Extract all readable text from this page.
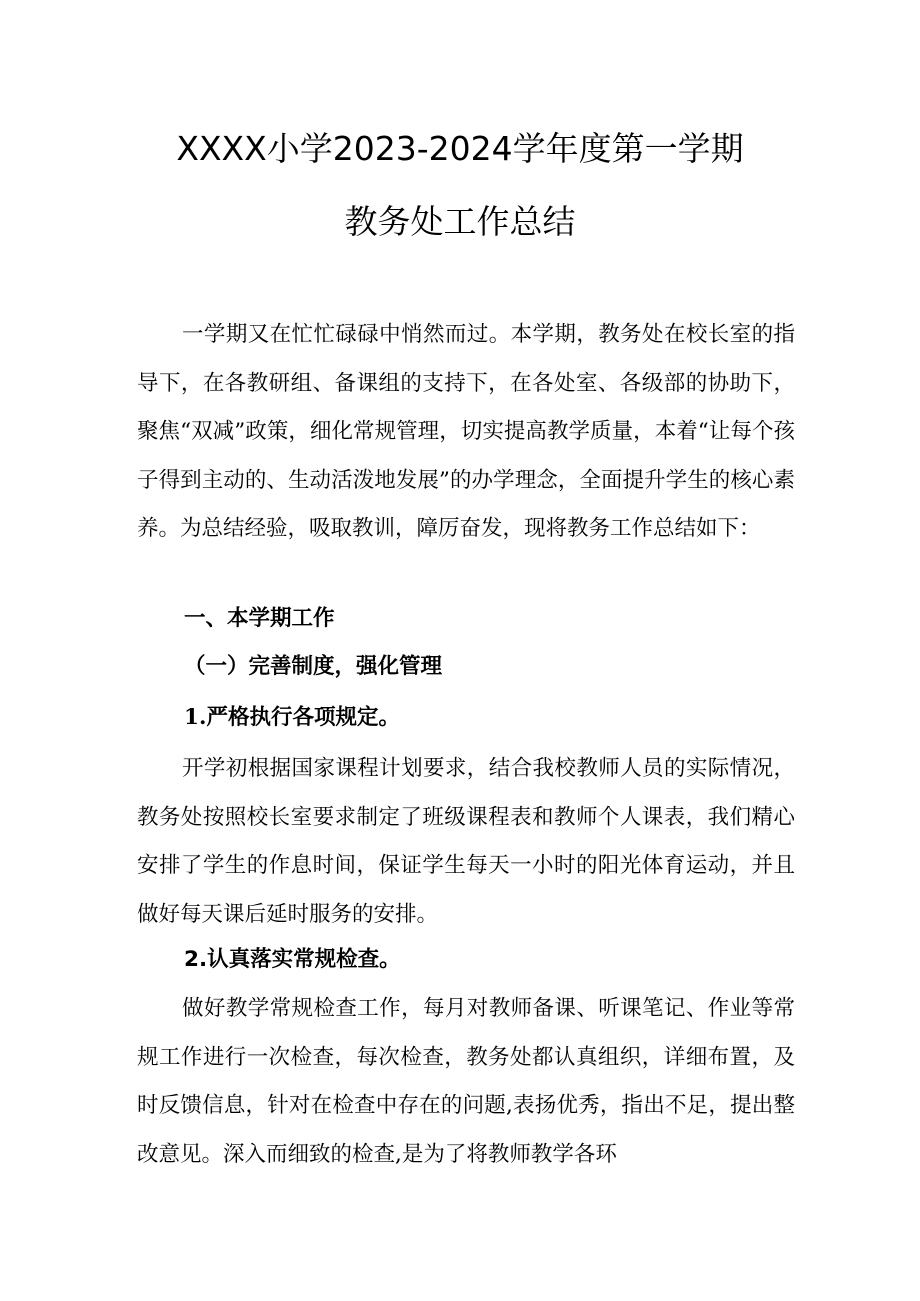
XXXX小学2023-2024学年度第一学期
教务处工作总结

一学期又在忙忙碌碌中悄然而过。本学期，教务处在校长室的指导下，在各教研组、备课组的支持下，在各处室、各级部的协助下，聚焦“双减”政策，细化常规管理，切实提高教学质量，本着“让每个孩子得到主动的、生动活泼地发展”的办学理念，全面提升学生的核心素养。为总结经验，吸取教训，障厉奋发，现将教务工作总结如下：

一、本学期工作
（一）完善制度，强化管理
1.严格执行各项规定。

开学初根据国家课程计划要求，结合我校教师人员的实际情况，教务处按照校长室要求制定了班级课程表和教师个人课表，我们精心安排了学生的作息时间，保证学生每天一小时的阳光体育运动，并且做好每天课后延时服务的安排。

2.认真落实常规检查。

做好教学常规检查工作，每月对教师备课、听课笔记、作业等常规工作进行一次检查，每次检查，教务处都认真组织，详细布置，及时反馈信息，针对在检查中存在的问题,表扬优秀，指出不足，提出整改意见。深入而细致的检查,是为了将教师教学各环
